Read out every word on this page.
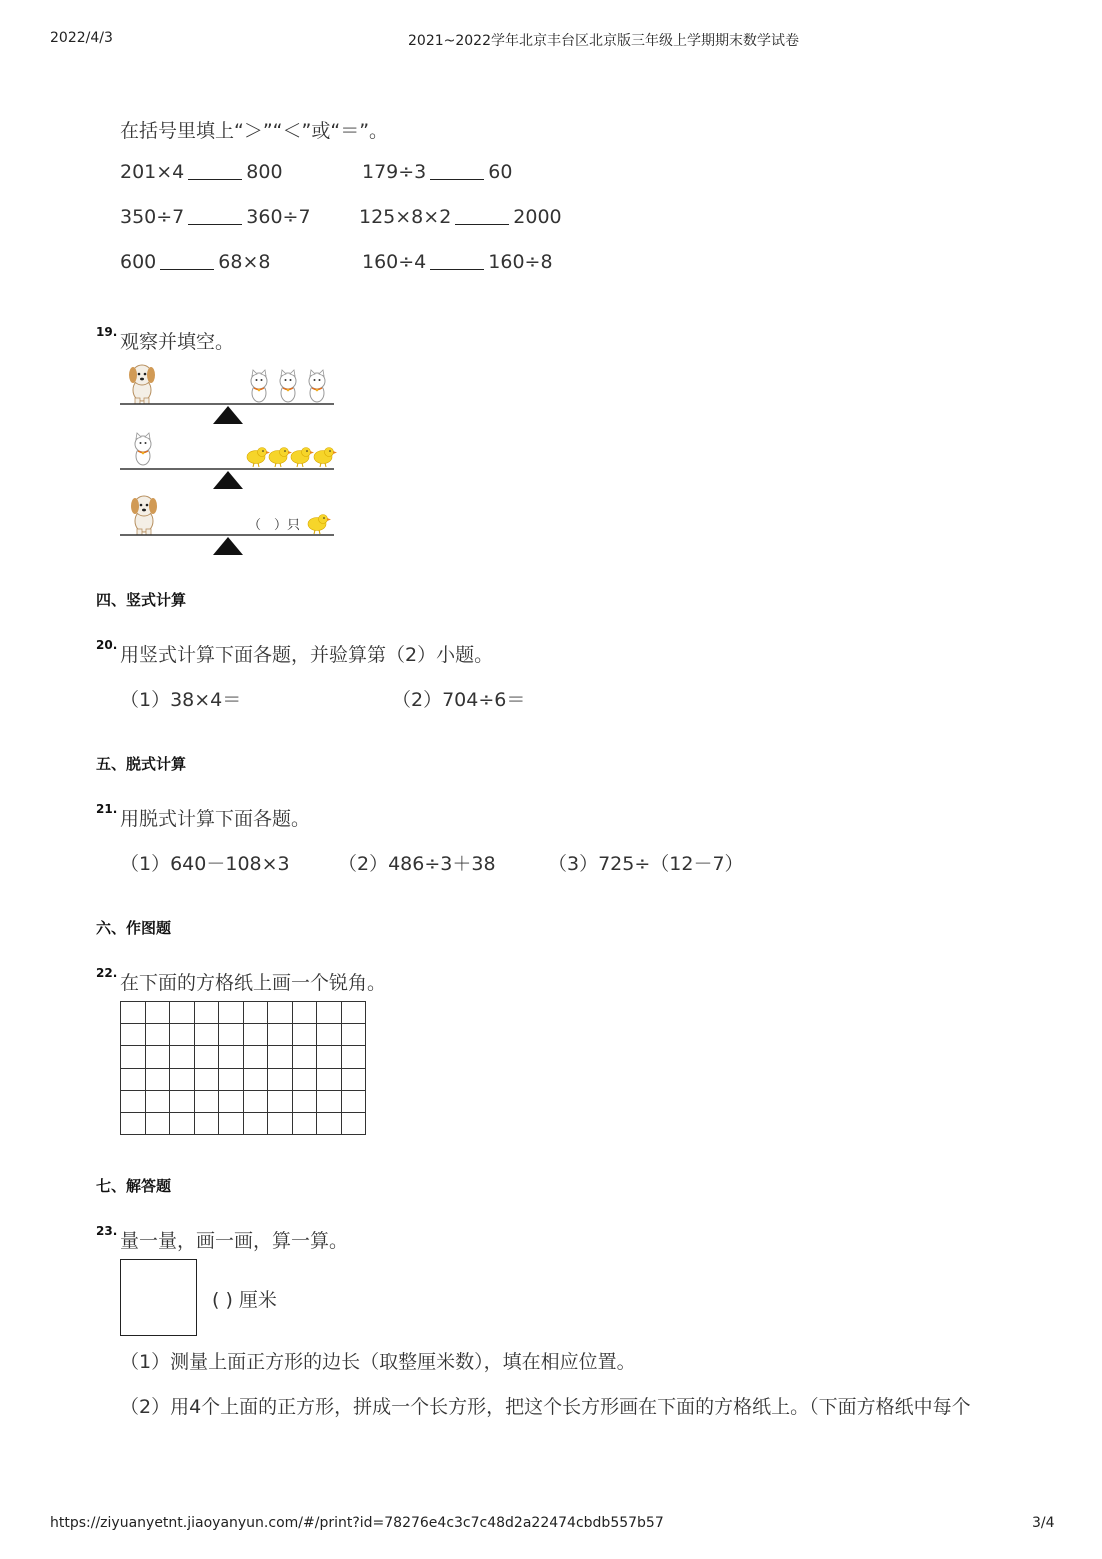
2022/4/3	2021~2022学年北京丰台区北京版三年级上学期期末数学试卷
在括号里填上“＞”“＜”或“＝”。
201×4	800	179÷3	60
350÷7	360÷7	125×8×2	2000
600	68×8	160÷4	160÷8
19. 观察并填空。
（　）只
四、竖式计算
20. 用竖式计算下面各题，并验算第（2）小题。
（1）38×4＝	（2）704÷6＝
五、脱式计算
21. 用脱式计算下面各题。
（1）640－108×3	（2）486÷3＋38	（3）725÷（12－7）
六、作图题
22. 在下面的方格纸上画一个锐角。

七、解答题
23. 量一量，画一画，算一算。
( ) 厘米
（1）测量上面正方形的边长（取整厘米数），填在相应位置。
（2）用4个上面的正方形，拼成一个长方形，把这个长方形画在下面的方格纸上。（下面方格纸中每个
https://ziyuanyetnt.jiaoyanyun.com/#/print?id=78276e4c3c7c48d2a22474cbdb557b57	3/4
